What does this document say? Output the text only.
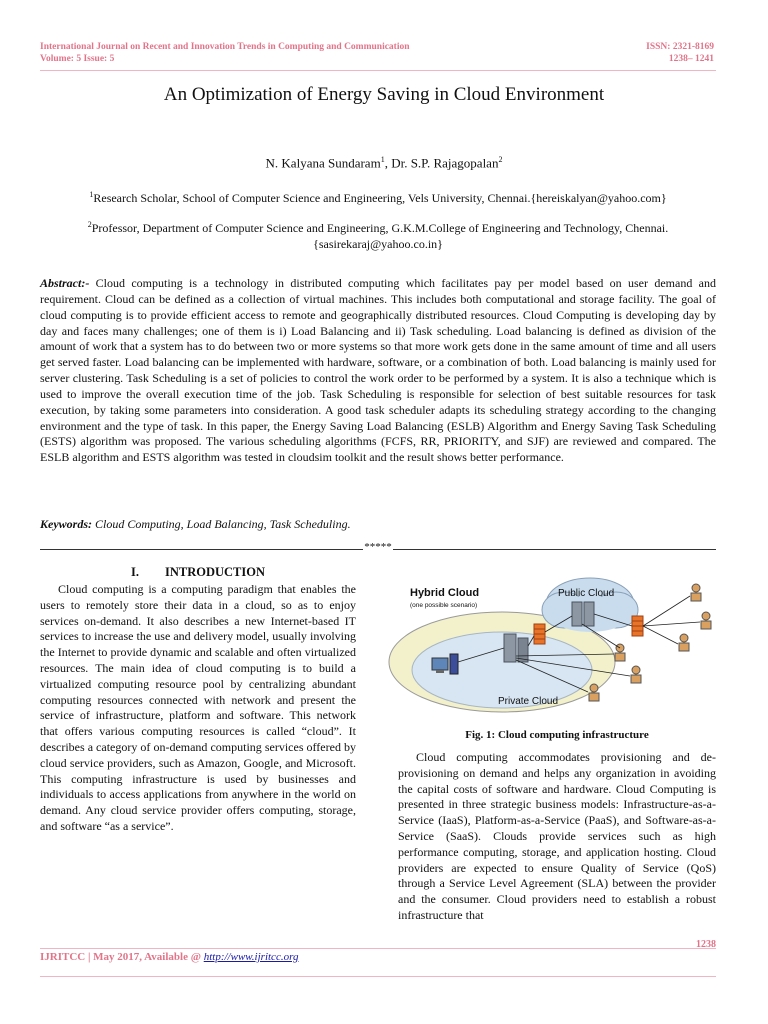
International Journal on Recent and Innovation Trends in Computing and Communication
Volume: 5 Issue: 5
ISSN: 2321-8169
1238– 1241
An Optimization of Energy Saving in Cloud Environment
N. Kalyana Sundaram$^1$, Dr. S.P. Rajagopalan$^2$
$^1$Research Scholar, School of Computer Science and Engineering, Vels University, Chennai.{hereiskalyan@yahoo.com}
$^2$Professor, Department of Computer Science and Engineering, G.K.M.College of Engineering and Technology, Chennai.
{sasirekaraj@yahoo.co.in}
Abstract:- Cloud computing is a technology in distributed computing which facilitates pay per model based on user demand and requirement. Cloud can be defined as a collection of virtual machines. This includes both computational and storage facility. The goal of cloud computing is to provide efficient access to remote and geographically distributed resources. Cloud Computing is developing day by day and faces many challenges; one of them is i) Load Balancing and ii) Task scheduling. Load balancing is defined as division of the amount of work that a system has to do between two or more systems so that more work gets done in the same amount of time and all users get served faster. Load balancing can be implemented with hardware, software, or a combination of both. Load balancing is mainly used for server clustering. Task Scheduling is a set of policies to control the work order to be performed by a system. It is also a technique which is used to improve the overall execution time of the job. Task Scheduling is responsible for selection of best suitable resources for task execution, by taking some parameters into consideration. A good task scheduler adapts its scheduling strategy according to the changing environment and the type of task. In this paper, the Energy Saving Load Balancing (ESLB) Algorithm and Energy Saving Task Scheduling (ESTS) algorithm was proposed. The various scheduling algorithms (FCFS, RR, PRIORITY, and SJF) are reviewed and compared. The ESLB algorithm and ESTS algorithm was tested in cloudsim toolkit and the result shows better performance.
Keywords: Cloud Computing, Load Balancing, Task Scheduling.
*****
I. INTRODUCTION
Cloud computing is a computing paradigm that enables the users to remotely store their data in a cloud, so as to enjoy services on-demand. It also describes a new Internet-based IT services to increase the use and delivery model, usually involving the Internet to provide dynamic and scalable and often virtualized resources. The main idea of cloud computing is to build a virtualized computing resource pool by centralizing abundant computing resources connected with network and present the service of infrastructure, platform and software. This network that offers various computing resources is called “cloud”. It describes a category of on-demand computing services offered by cloud service providers, such as Amazon, Google, and Microsoft. This computing infrastructure is used by businesses and individuals to access applications from anywhere in the world on demand. Any cloud service provider offers computing, storage, and software “as a service”.
Hybrid Cloud
(one possible scenario)
Public Cloud
Private Cloud
Fig. 1: Cloud computing infrastructure
Cloud computing accommodates provisioning and de-provisioning on demand and helps any organization in avoiding the capital costs of software and hardware. Cloud Computing is presented in three strategic business models: Infrastructure-as-a-Service (IaaS), Platform-as-a-Service (PaaS), and Software-as-a-Service (SaaS). Clouds provide services such as high performance computing, storage, and application hosting. Cloud providers are expected to ensure Quality of Service (QoS) through a Service Level Agreement (SLA) between the provider and the consumer. Cloud providers need to establish a robust infrastructure that
1238
IJRITCC | May 2017, Available @ http://www.ijritcc.org
